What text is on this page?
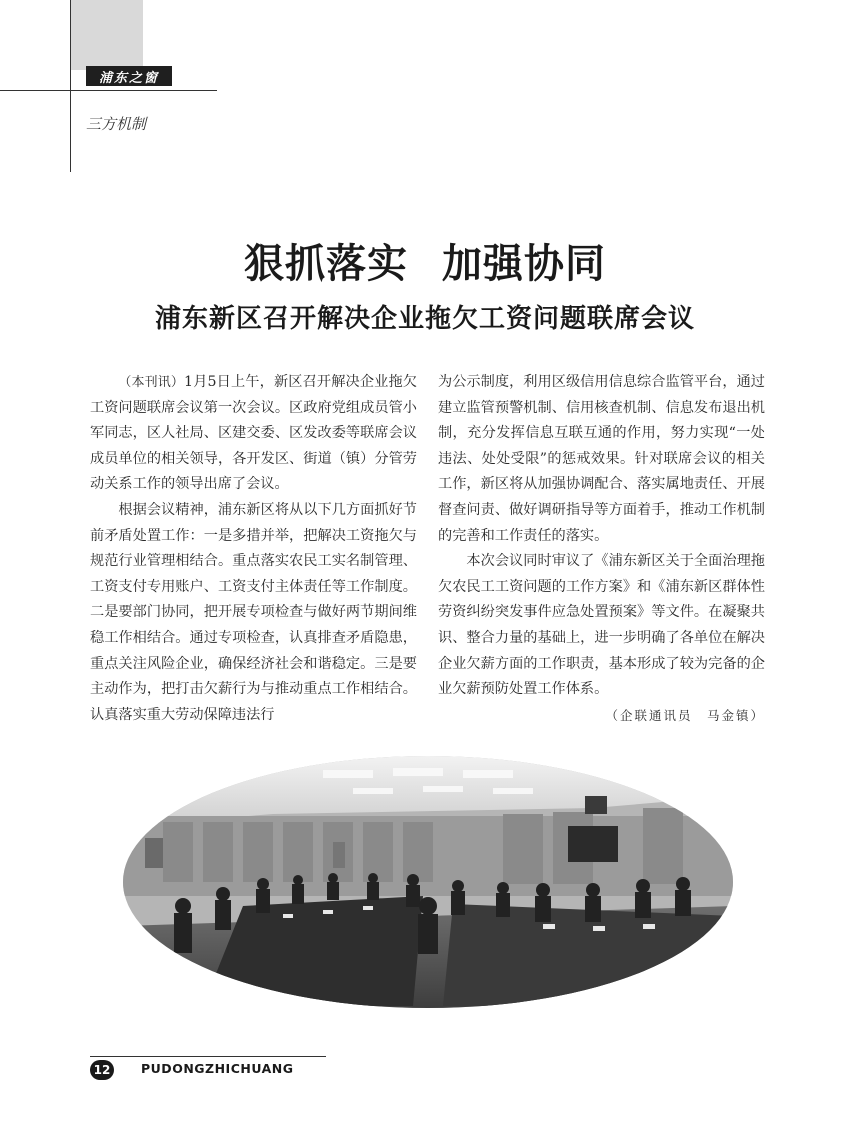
浦东之窗
三方机制
狠抓落实 加强协同
浦东新区召开解决企业拖欠工资问题联席会议

（本刊讯）1月5日上午，新区召开解决企业拖欠工资问题联席会议第一次会议。区政府党组成员管小军同志，区人社局、区建交委、区发改委等联席会议成员单位的相关领导，各开发区、街道（镇）分管劳动关系工作的领导出席了会议。

根据会议精神，浦东新区将从以下几方面抓好节前矛盾处置工作：一是多措并举，把解决工资拖欠与规范行业管理相结合。重点落实农民工实名制管理、工资支付专用账户、工资支付主体责任等工作制度。二是要部门协同，把开展专项检查与做好两节期间维稳工作相结合。通过专项检查，认真排查矛盾隐患，重点关注风险企业，确保经济社会和谐稳定。三是要主动作为，把打击欠薪行为与推动重点工作相结合。认真落实重大劳动保障违法行

为公示制度，利用区级信用信息综合监管平台，通过建立监管预警机制、信用核查机制、信息发布退出机制，充分发挥信息互联互通的作用，努力实现“一处违法、处处受限”的惩戒效果。针对联席会议的相关工作，新区将从加强协调配合、落实属地责任、开展督查问责、做好调研指导等方面着手，推动工作机制的完善和工作责任的落实。

本次会议同时审议了《浦东新区关于全面治理拖欠农民工工资问题的工作方案》和《浦东新区群体性劳资纠纷突发事件应急处置预案》等文件。在凝聚共识、整合力量的基础上，进一步明确了各单位在解决企业欠薪方面的工作职责，基本形成了较为完备的企业欠薪预防处置工作体系。

（企联通讯员　马金镇）

12 PUDONGZHICHUANG
